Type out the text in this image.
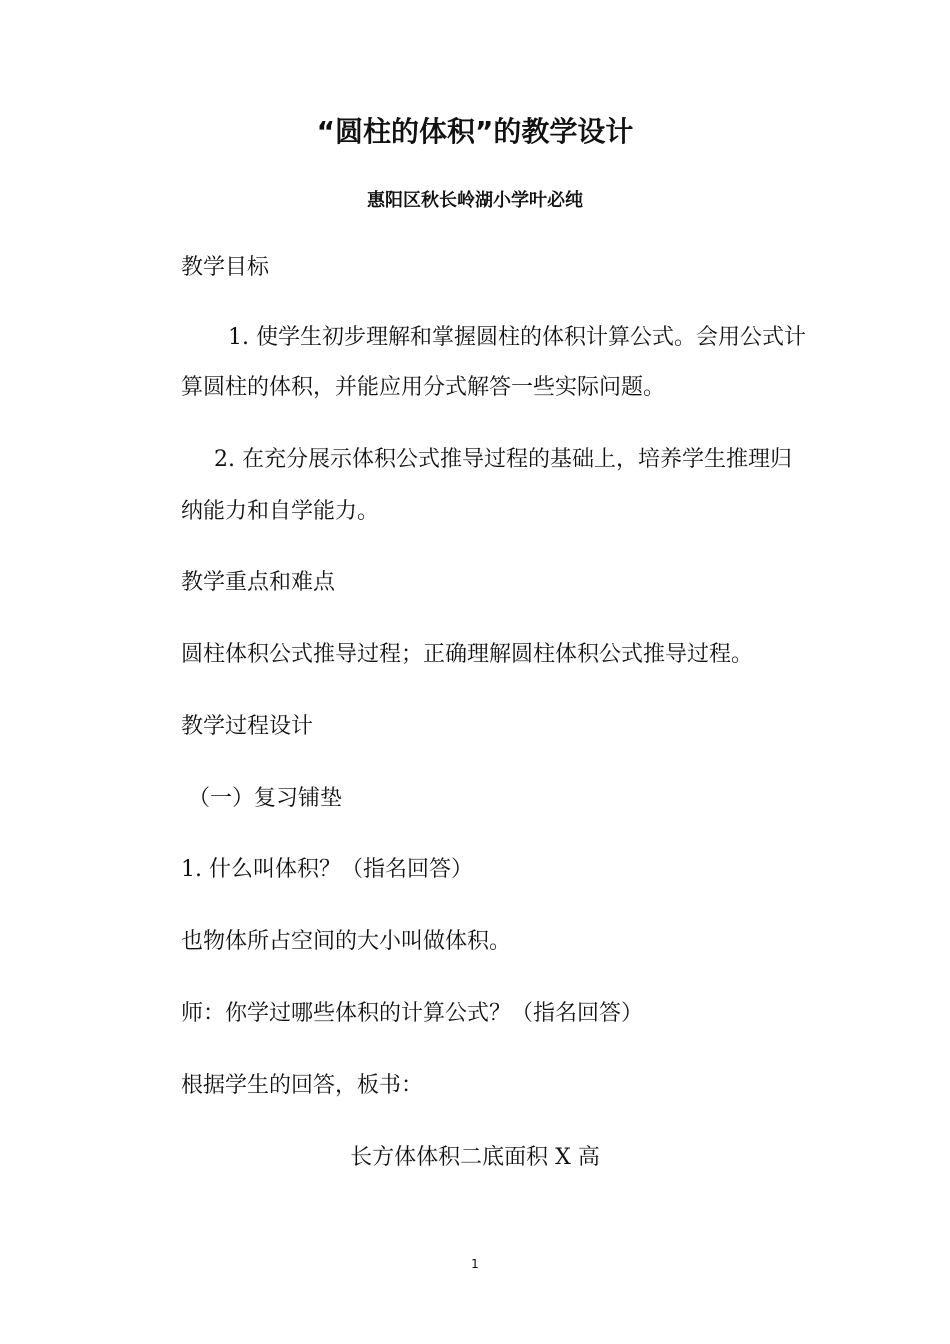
“圆柱的体积”的教学设计
惠阳区秋长岭湖小学叶必纯
教学目标
1. 使学生初步理解和掌握圆柱的体积计算公式。会用公式计
算圆柱的体积，并能应用分式解答一些实际问题。
2. 在充分展示体积公式推导过程的基础上，培养学生推理归
纳能力和自学能力。
教学重点和难点
圆柱体积公式推导过程；正确理解圆柱体积公式推导过程。
教学过程设计
（一）复习铺垫
1. 什么叫体积？（指名回答）
也物体所占空间的大小叫做体积。
师：你学过哪些体积的计算公式？（指名回答）
根据学生的回答，板书：
长方体体积二底面积 X 高
1
